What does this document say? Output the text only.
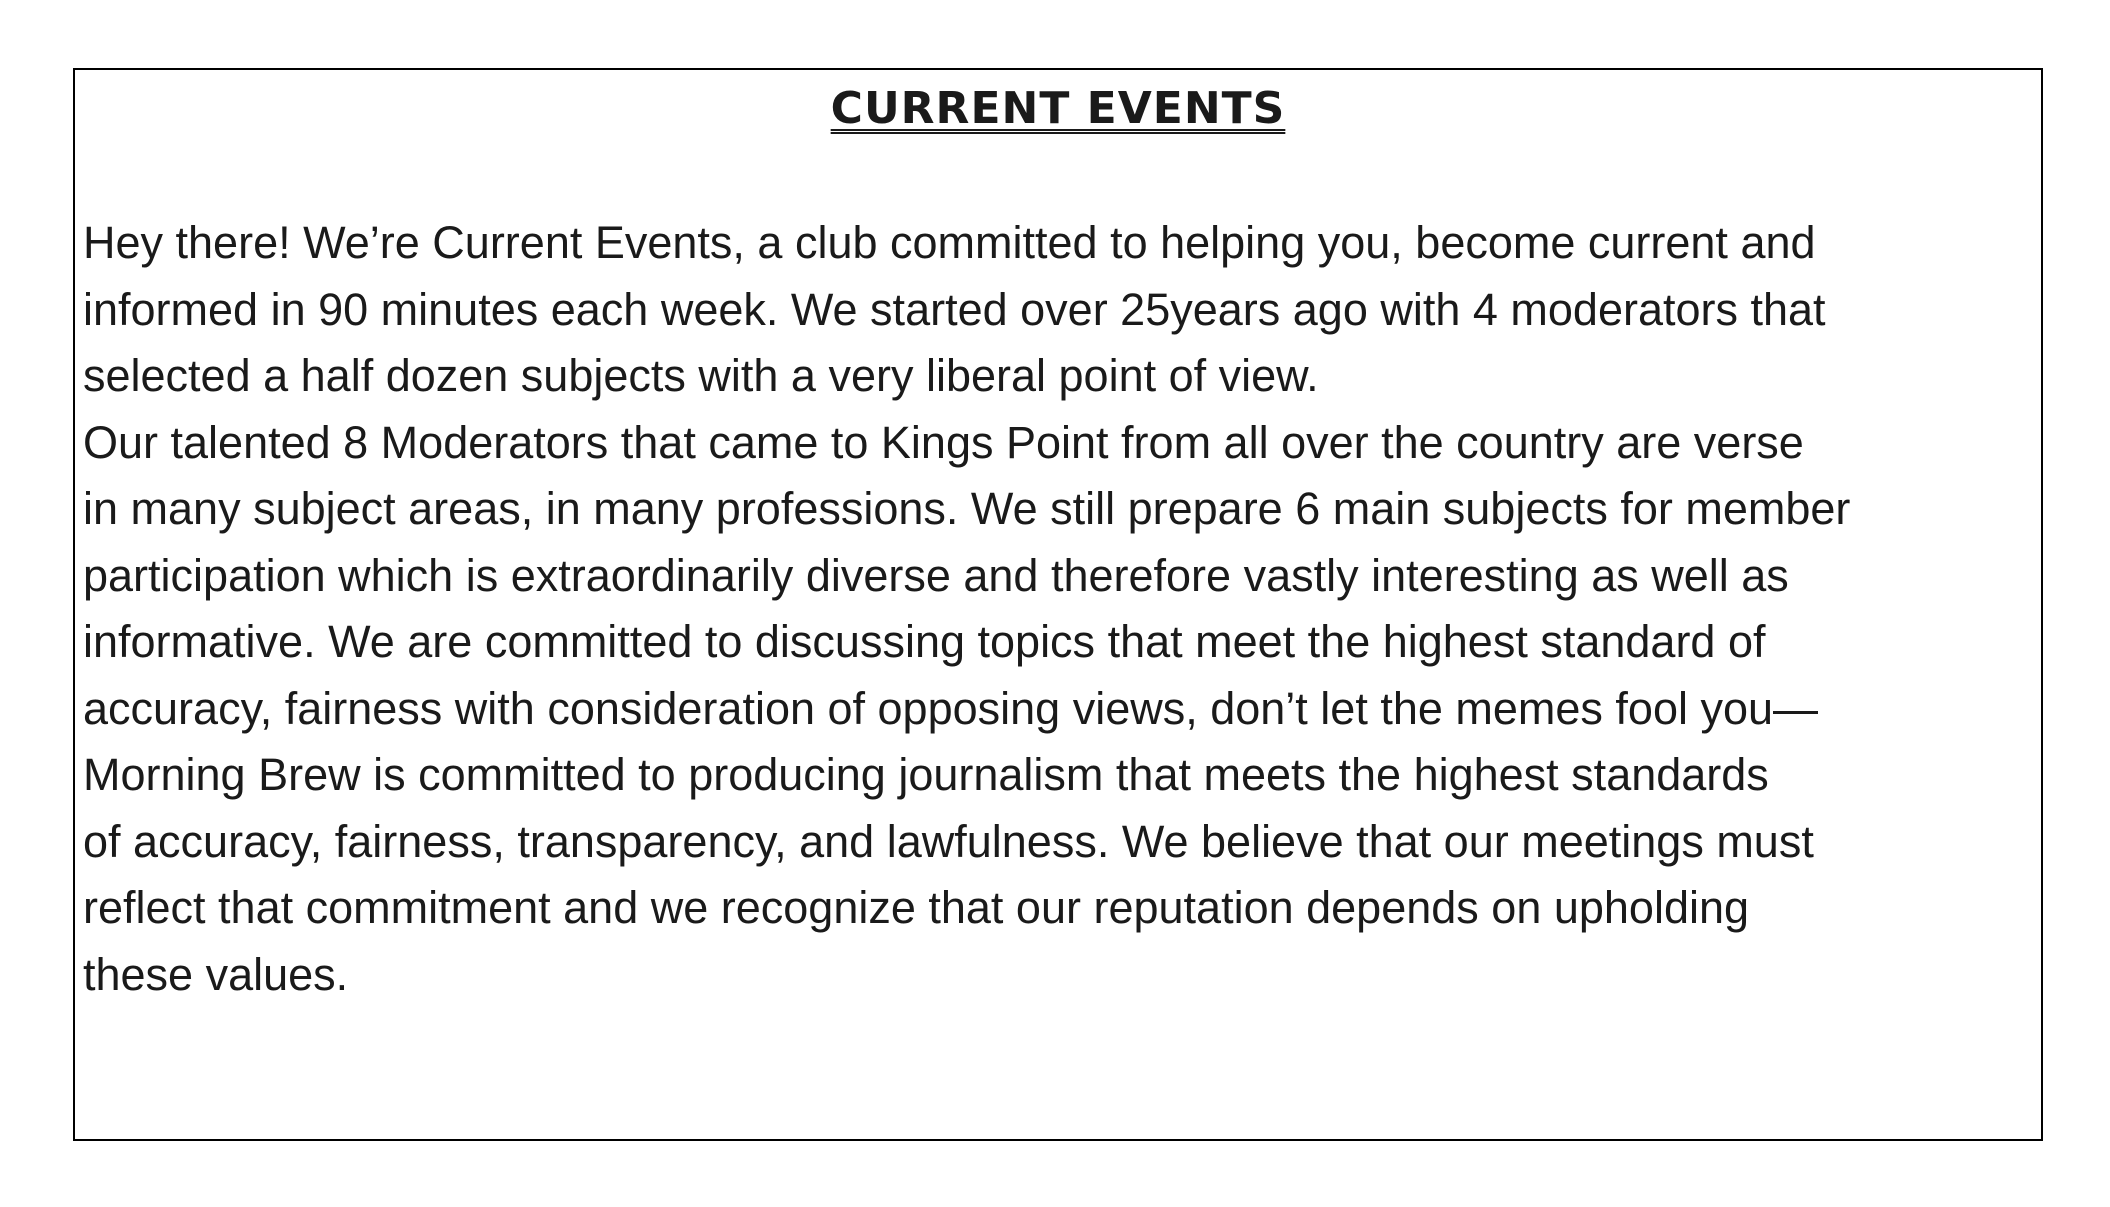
CURRENT EVENTS

Hey there! We’re Current Events, a club committed to helping you, become current and
informed in 90 minutes each week. We started over 25years ago with 4 moderators that
selected a half dozen subjects with a very liberal point of view.
Our talented 8 Moderators that came to Kings Point from all over the country are verse
in many subject areas, in many professions. We still prepare 6 main subjects for member
participation which is extraordinarily diverse and therefore vastly interesting as well as
informative. We are committed to discussing topics that meet the highest standard of
accuracy, fairness with consideration of opposing views, don’t let the memes fool you—
Morning Brew is committed to producing journalism that meets the highest standards
of accuracy, fairness, transparency, and lawfulness. We believe that our meetings must
reflect that commitment and we recognize that our reputation depends on upholding
these values.
